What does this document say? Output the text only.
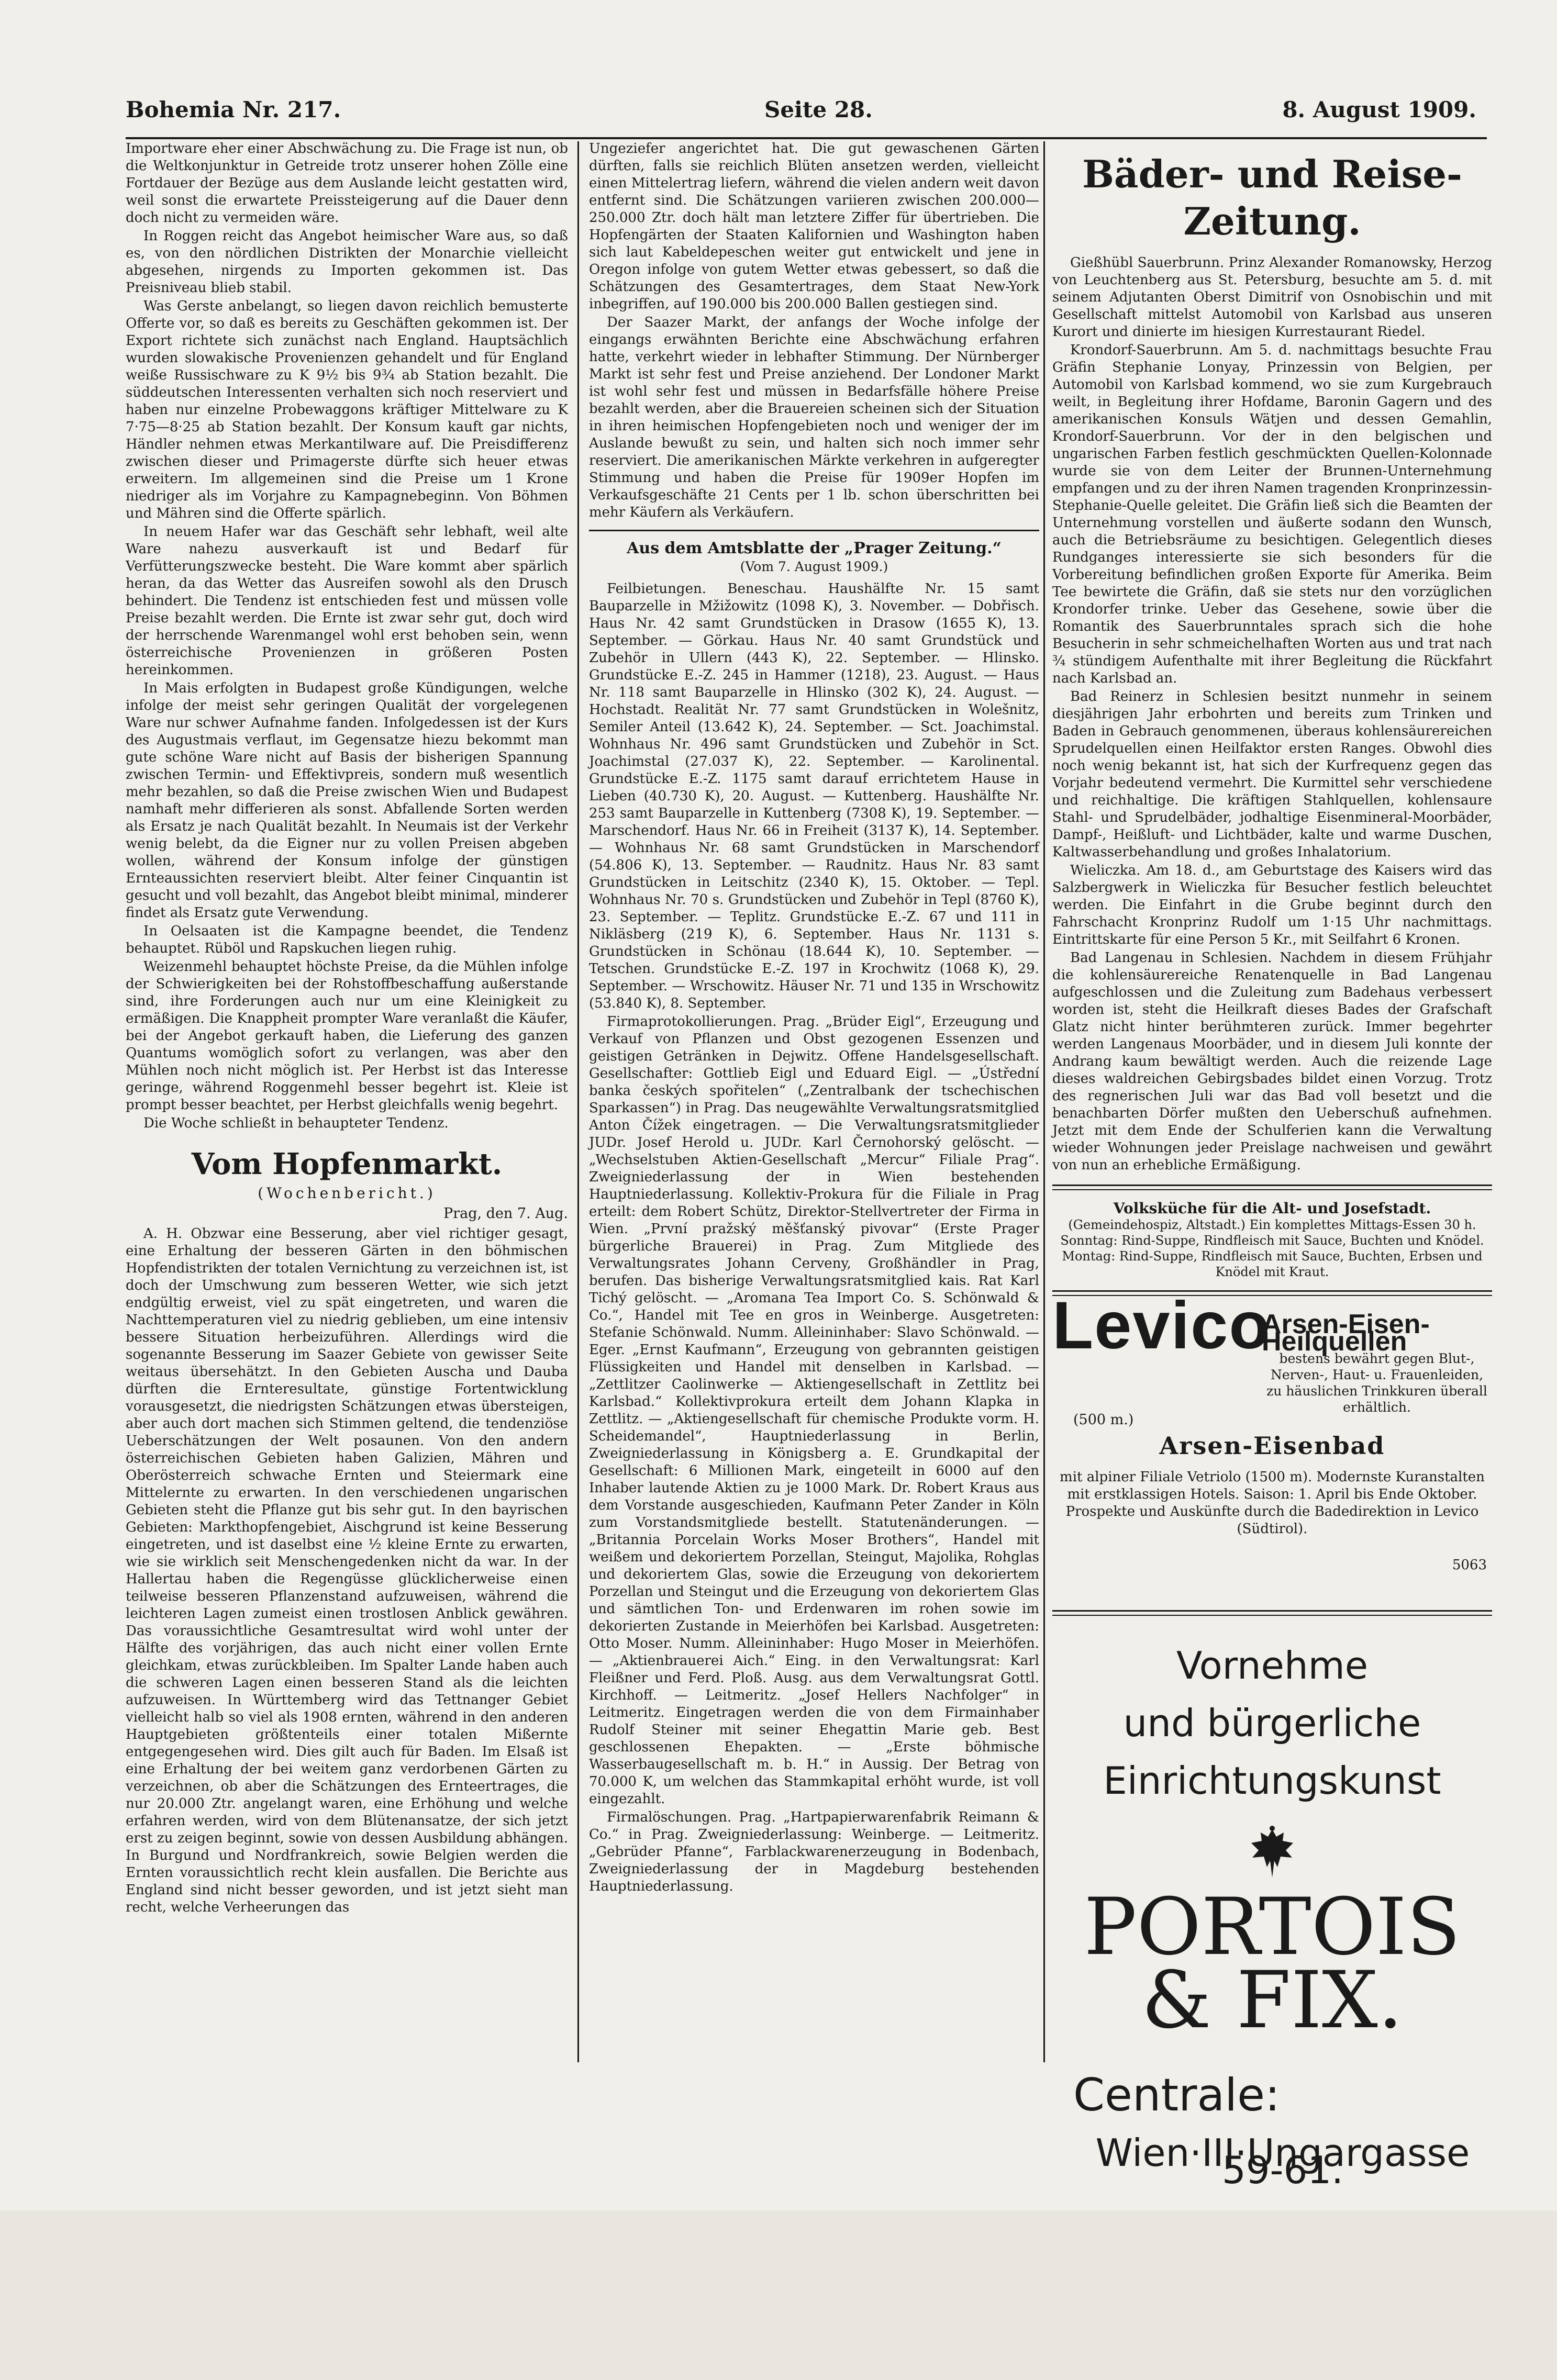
Bohemia Nr. 217.	Seite 28.	8. August 1909.

Importware eher einer Abschwächung zu. Die Frage ist nun, ob die Weltkonjunktur in Getreide trotz unserer hohen Zölle eine Fortdauer der Bezüge aus dem Auslande leicht gestatten wird, weil sonst die erwartete Preissteigerung auf die Dauer denn doch nicht zu vermeiden wäre.

In Roggen reicht das Angebot heimischer Ware aus, so daß es, von den nördlichen Distrikten der Monarchie vielleicht abgesehen, nirgends zu Importen gekommen ist. Das Preisniveau blieb stabil.

Was Gerste anbelangt, so liegen davon reichlich bemusterte Offerte vor, so daß es bereits zu Geschäften gekommen ist. Der Export richtete sich zunächst nach England. Hauptsächlich wurden slowakische Provenienzen gehandelt und für England weiße Russischware zu K 9½ bis 9¾ ab Station bezahlt. Die süddeutschen Interessenten verhalten sich noch reserviert und haben nur einzelne Probewaggons kräftiger Mittelware zu K 7·75—8·25 ab Station bezahlt. Der Konsum kauft gar nichts, Händler nehmen etwas Merkantilware auf. Die Preisdifferenz zwischen dieser und Primagerste dürfte sich heuer etwas erweitern. Im allgemeinen sind die Preise um 1 Krone niedriger als im Vorjahre zu Kampagnebeginn. Von Böhmen und Mähren sind die Offerte spärlich.

In neuem Hafer war das Geschäft sehr lebhaft, weil alte Ware nahezu ausverkauft ist und Bedarf für Verfütterungszwecke besteht. Die Ware kommt aber spärlich heran, da das Wetter das Ausreifen sowohl als den Drusch behindert. Die Tendenz ist entschieden fest und müssen volle Preise bezahlt werden. Die Ernte ist zwar sehr gut, doch wird der herrschende Warenmangel wohl erst behoben sein, wenn österreichische Provenienzen in größeren Posten hereinkommen.

In Mais erfolgten in Budapest große Kündigungen, welche infolge der meist sehr geringen Qualität der vorgelegenen Ware nur schwer Aufnahme fanden. Infolgedessen ist der Kurs des Augustmais verflaut, im Gegensatze hiezu bekommt man gute schöne Ware nicht auf Basis der bisherigen Spannung zwischen Termin- und Effektivpreis, sondern muß wesentlich mehr bezahlen, so daß die Preise zwischen Wien und Budapest namhaft mehr differieren als sonst. Abfallende Sorten werden als Ersatz je nach Qualität bezahlt. In Neumais ist der Verkehr wenig belebt, da die Eigner nur zu vollen Preisen abgeben wollen, während der Konsum infolge der günstigen Ernteaussichten reserviert bleibt. Alter feiner Cinquantin ist gesucht und voll bezahlt, das Angebot bleibt minimal, minderer findet als Ersatz gute Verwendung.

In Oelsaaten ist die Kampagne beendet, die Tendenz behauptet. Rüböl und Rapskuchen liegen ruhig.

Weizenmehl behauptet höchste Preise, da die Mühlen infolge der Schwierigkeiten bei der Rohstoffbeschaffung außerstande sind, ihre Forderungen auch nur um eine Kleinigkeit zu ermäßigen. Die Knappheit prompter Ware veranlaßt die Käufer, bei der Angebot gerkauft haben, die Lieferung des ganzen Quantums womöglich sofort zu verlangen, was aber den Mühlen noch nicht möglich ist. Per Herbst ist das Interesse geringe, während Roggenmehl besser begehrt ist. Kleie ist prompt besser beachtet, per Herbst gleichfalls wenig begehrt.

Die Woche schließt in behaupteter Tendenz.

Vom Hopfenmarkt.
(Wochenbericht.)
Prag, den 7. Aug.

A. H. Obzwar eine Besserung, aber viel richtiger gesagt, eine Erhaltung der besseren Gärten in den böhmischen Hopfendistrikten der totalen Vernichtung zu verzeichnen ist, ist doch der Umschwung zum besseren Wetter, wie sich jetzt endgültig erweist, viel zu spät eingetreten, und waren die Nachttemperaturen viel zu niedrig geblieben, um eine intensiv bessere Situation herbeizuführen. Allerdings wird die sogenannte Besserung im Saazer Gebiete von gewisser Seite weitaus übersehätzt. In den Gebieten Auscha und Dauba dürften die Ernteresultate, günstige Fortentwicklung vorausgesetzt, die niedrigsten Schätzungen etwas übersteigen, aber auch dort machen sich Stimmen geltend, die tendenziöse Ueberschätzungen der Welt posaunen. Von den andern österreichischen Gebieten haben Galizien, Mähren und Oberösterreich schwache Ernten und Steiermark eine Mittelernte zu erwarten. In den verschiedenen ungarischen Gebieten steht die Pflanze gut bis sehr gut. In den bayrischen Gebieten: Markthopfengebiet, Aischgrund ist keine Besserung eingetreten, und ist daselbst eine ½ kleine Ernte zu erwarten, wie sie wirklich seit Menschengedenken nicht da war. In der Hallertau haben die Regengüsse glücklicherweise einen teilweise besseren Pflanzenstand aufzuweisen, während die leichteren Lagen zumeist einen trostlosen Anblick gewähren. Das voraussichtliche Gesamtresultat wird wohl unter der Hälfte des vorjährigen, das auch nicht einer vollen Ernte gleichkam, etwas zurückbleiben. Im Spalter Lande haben auch die schweren Lagen einen besseren Stand als die leichten aufzuweisen. In Württemberg wird das Tettnanger Gebiet vielleicht halb so viel als 1908 ernten, während in den anderen Hauptgebieten größtenteils einer totalen Mißernte entgegengesehen wird. Dies gilt auch für Baden. Im Elsaß ist eine Erhaltung der bei weitem ganz verdorbenen Gärten zu verzeichnen, ob aber die Schätzungen des Ernteertrages, die nur 20.000 Ztr. angelangt waren, eine Erhöhung und welche erfahren werden, wird von dem Blütenansatze, der sich jetzt erst zu zeigen beginnt, sowie von dessen Ausbildung abhängen. In Burgund und Nordfrankreich, sowie Belgien werden die Ernten voraussichtlich recht klein ausfallen. Die Berichte aus England sind nicht besser geworden, und ist jetzt sieht man recht, welche Verheerungen das

Ungeziefer angerichtet hat. Die gut gewaschenen Gärten dürften, falls sie reichlich Blüten ansetzen werden, vielleicht einen Mittelertrag liefern, während die vielen andern weit davon entfernt sind. Die Schätzungen variieren zwischen 200.000—250.000 Ztr. doch hält man letztere Ziffer für übertrieben. Die Hopfengärten der Staaten Kalifornien und Washington haben sich laut Kabeldepeschen weiter gut entwickelt und jene in Oregon infolge von gutem Wetter etwas gebessert, so daß die Schätzungen des Gesamtertrages, dem Staat New-York inbegriffen, auf 190.000 bis 200.000 Ballen gestiegen sind.

Der Saazer Markt, der anfangs der Woche infolge der eingangs erwähnten Berichte eine Abschwächung erfahren hatte, verkehrt wieder in lebhafter Stimmung. Der Nürnberger Markt ist sehr fest und Preise anziehend. Der Londoner Markt ist wohl sehr fest und müssen in Bedarfsfälle höhere Preise bezahlt werden, aber die Brauereien scheinen sich der Situation in ihren heimischen Hopfengebieten noch und weniger der im Auslande bewußt zu sein, und halten sich noch immer sehr reserviert. Die amerikanischen Märkte verkehren in aufgeregter Stimmung und haben die Preise für 1909er Hopfen im Verkaufsgeschäfte 21 Cents per 1 lb. schon überschritten bei mehr Käufern als Verkäufern.

Aus dem Amtsblatte der „Prager Zeitung.“
(Vom 7. August 1909.)

Feilbietungen. Beneschau. Haushälfte Nr. 15 samt Bauparzelle in Mžižowitz (1098 K), 3. November. — Dobřisch. Haus Nr. 42 samt Grundstücken in Drasow (1655 K), 13. September. — Görkau. Haus Nr. 40 samt Grundstück und Zubehör in Ullern (443 K), 22. September. — Hlinsko. Grundstücke E.-Z. 245 in Hammer (1218), 23. August. — Haus Nr. 118 samt Bauparzelle in Hlinsko (302 K), 24. August. — Hochstadt. Realität Nr. 77 samt Grundstücken in Wolešnitz, Semiler Anteil (13.642 K), 24. September. — Sct. Joachimstal. Wohnhaus Nr. 496 samt Grundstücken und Zubehör in Sct. Joachimstal (27.037 K), 22. September. — Karolinental. Grundstücke E.-Z. 1175 samt darauf errichtetem Hause in Lieben (40.730 K), 20. August. — Kuttenberg. Haushälfte Nr. 253 samt Bauparzelle in Kuttenberg (7308 K), 19. September. — Marschendorf. Haus Nr. 66 in Freiheit (3137 K), 14. September. — Wohnhaus Nr. 68 samt Grundstücken in Marschendorf (54.806 K), 13. September. — Raudnitz. Haus Nr. 83 samt Grundstücken in Leitschitz (2340 K), 15. Oktober. — Tepl. Wohnhaus Nr. 70 s. Grundstücken und Zubehör in Tepl (8760 K), 23. September. — Teplitz. Grundstücke E.-Z. 67 und 111 in Nikläsberg (219 K), 6. September. Haus Nr. 1131 s. Grundstücken in Schönau (18.644 K), 10. September. — Tetschen. Grundstücke E.-Z. 197 in Krochwitz (1068 K), 29. September. — Wrschowitz. Häuser Nr. 71 und 135 in Wrschowitz (53.840 K), 8. September.

Firmaprotokollierungen. Prag. „Brüder Eigl“, Erzeugung und Verkauf von Pflanzen und Obst gezogenen Essenzen und geistigen Getränken in Dejwitz. Offene Handelsgesellschaft. Gesellschafter: Gottlieb Eigl und Eduard Eigl. — „Ústřední banka českých spořitelen“ („Zentralbank der tschechischen Sparkassen“) in Prag. Das neugewählte Verwaltungsratsmitglied Anton Čížek eingetragen. — Die Verwaltungsratsmitglieder JUDr. Josef Herold u. JUDr. Karl Černohorský gelöscht. — „Wechselstuben Aktien-Gesellschaft „Mercur“ Filiale Prag“. Zweigniederlassung der in Wien bestehenden Hauptniederlassung. Kollektiv-Prokura für die Filiale in Prag erteilt: dem Robert Schütz, Direktor-Stellvertreter der Firma in Wien. „První pražský měšťanský pivovar“ (Erste Prager bürgerliche Brauerei) in Prag. Zum Mitgliede des Verwaltungsrates Johann Cerveny, Großhändler in Prag, berufen. Das bisherige Verwaltungsratsmitglied kais. Rat Karl Tichý gelöscht. — „Aromana Tea Import Co. S. Schönwald & Co.“, Handel mit Tee en gros in Weinberge. Ausgetreten: Stefanie Schönwald. Numm. Alleininhaber: Slavo Schönwald. — Eger. „Ernst Kaufmann“, Erzeugung von gebrannten geistigen Flüssigkeiten und Handel mit denselben in Karlsbad. — „Zettlitzer Caolinwerke — Aktiengesellschaft in Zettlitz bei Karlsbad.“ Kollektivprokura erteilt dem Johann Klapka in Zettlitz. — „Aktiengesellschaft für chemische Produkte vorm. H. Scheidemandel“, Hauptniederlassung in Berlin, Zweigniederlassung in Königsberg a. E. Grundkapital der Gesellschaft: 6 Millionen Mark, eingeteilt in 6000 auf den Inhaber lautende Aktien zu je 1000 Mark. Dr. Robert Kraus aus dem Vorstande ausgeschieden, Kaufmann Peter Zander in Köln zum Vorstandsmitgliede bestellt. Statutenänderungen. — „Britannia Porcelain Works Moser Brothers“, Handel mit weißem und dekoriertem Porzellan, Steingut, Majolika, Rohglas und dekoriertem Glas, sowie die Erzeugung von dekoriertem Porzellan und Steingut und die Erzeugung von dekoriertem Glas und sämtlichen Ton- und Erdenwaren im rohen sowie im dekorierten Zustande in Meierhöfen bei Karlsbad. Ausgetreten: Otto Moser. Numm. Alleininhaber: Hugo Moser in Meierhöfen. — „Aktienbrauerei Aich.“ Eing. in den Verwaltungsrat: Karl Fleißner und Ferd. Ploß. Ausg. aus dem Verwaltungsrat Gottl. Kirchhoff. — Leitmeritz. „Josef Hellers Nachfolger“ in Leitmeritz. Eingetragen werden die von dem Firmainhaber Rudolf Steiner mit seiner Ehegattin Marie geb. Best geschlossenen Ehepakten. — „Erste böhmische Wasserbaugesellschaft m. b. H.“ in Aussig. Der Betrag von 70.000 K, um welchen das Stammkapital erhöht wurde, ist voll eingezahlt.

Firmalöschungen. Prag. „Hartpapierwarenfabrik Reimann & Co.“ in Prag. Zweigniederlassung: Weinberge. — Leitmeritz. „Gebrüder Pfanne“, Farblackwarenerzeugung in Bodenbach, Zweigniederlassung der in Magdeburg bestehenden Hauptniederlassung.

Bäder- und Reise-Zeitung.

Gießhübl Sauerbrunn. Prinz Alexander Romanowsky, Herzog von Leuchtenberg aus St. Petersburg, besuchte am 5. d. mit seinem Adjutanten Oberst Dimitrif von Osnobischin und mit Gesellschaft mittelst Automobil von Karlsbad aus unseren Kurort und dinierte im hiesigen Kurrestaurant Riedel.

Krondorf-Sauerbrunn. Am 5. d. nachmittags besuchte Frau Gräfin Stephanie Lonyay, Prinzessin von Belgien, per Automobil von Karlsbad kommend, wo sie zum Kurgebrauch weilt, in Begleitung ihrer Hofdame, Baronin Gagern und des amerikanischen Konsuls Wätjen und dessen Gemahlin, Krondorf-Sauerbrunn. Vor der in den belgischen und ungarischen Farben festlich geschmückten Quellen-Kolonnade wurde sie von dem Leiter der Brunnen-Unternehmung empfangen und zu der ihren Namen tragenden Kronprinzessin-Stephanie-Quelle geleitet. Die Gräfin ließ sich die Beamten der Unternehmung vorstellen und äußerte sodann den Wunsch, auch die Betriebsräume zu besichtigen. Gelegentlich dieses Rundganges interessierte sie sich besonders für die Vorbereitung befindlichen großen Exporte für Amerika. Beim Tee bewirtete die Gräfin, daß sie stets nur den vorzüglichen Krondorfer trinke. Ueber das Gesehene, sowie über die Romantik des Sauerbrunntales sprach sich die hohe Besucherin in sehr schmeichelhaften Worten aus und trat nach ¾ stündigem Aufenthalte mit ihrer Begleitung die Rückfahrt nach Karlsbad an.

Bad Reinerz in Schlesien besitzt nunmehr in seinem diesjährigen Jahr erbohrten und bereits zum Trinken und Baden in Gebrauch genommenen, überaus kohlensäurereichen Sprudelquellen einen Heilfaktor ersten Ranges. Obwohl dies noch wenig bekannt ist, hat sich der Kurfrequenz gegen das Vorjahr bedeutend vermehrt. Die Kurmittel sehr verschiedene und reichhaltige. Die kräftigen Stahlquellen, kohlensaure Stahl- und Sprudelbäder, jodhaltige Eisenmineral-Moorbäder, Dampf-, Heißluft- und Lichtbäder, kalte und warme Duschen, Kaltwasserbehandlung und großes Inhalatorium.

Wieliczka. Am 18. d., am Geburtstage des Kaisers wird das Salzbergwerk in Wieliczka für Besucher festlich beleuchtet werden. Die Einfahrt in die Grube beginnt durch den Fahrschacht Kronprinz Rudolf um 1·15 Uhr nachmittags. Eintrittskarte für eine Person 5 Kr., mit Seilfahrt 6 Kronen.

Bad Langenau in Schlesien. Nachdem in diesem Frühjahr die kohlensäurereiche Renatenquelle in Bad Langenau aufgeschlossen und die Zuleitung zum Badehaus verbessert worden ist, steht die Heilkraft dieses Bades der Grafschaft Glatz nicht hinter berühmteren zurück. Immer begehrter werden Langenaus Moorbäder, und in diesem Juli konnte der Andrang kaum bewältigt werden. Auch die reizende Lage dieses waldreichen Gebirgsbades bildet einen Vorzug. Trotz des regnerischen Juli war das Bad voll besetzt und die benachbarten Dörfer mußten den Ueberschuß aufnehmen. Jetzt mit dem Ende der Schulferien kann die Verwaltung wieder Wohnungen jeder Preislage nachweisen und gewährt von nun an erhebliche Ermäßigung.

Volksküche für die Alt- und Josefstadt.
(Gemeindehospiz, Altstadt.) Ein komplettes Mittags-Essen 30 h.
Sonntag: Rind-Suppe, Rindfleisch mit Sauce, Buchten und Knödel.
Montag: Rind-Suppe, Rindfleisch mit Sauce, Buchten, Erbsen und Knödel mit Kraut.
Levico
Arsen-Eisen-Heilquellen
bestens bewährt gegen Blut-, Nerven-, Haut- u. Frauenleiden, zu häuslichen Trinkkuren überall erhältlich.
(500 m.)
Arsen-Eisenbad
mit alpiner Filiale Vetriolo (1500 m). Modernste Kuranstalten mit erstklassigen Hotels. Saison: 1. April bis Ende Oktober. Prospekte und Auskünfte durch die Badedirektion in Levico (Südtirol).
5063
Vornehme
und bürgerliche
Einrichtungskunst
PORTOIS
& FIX.
Centrale:
Wien·III·Ungargasse 59-61.
